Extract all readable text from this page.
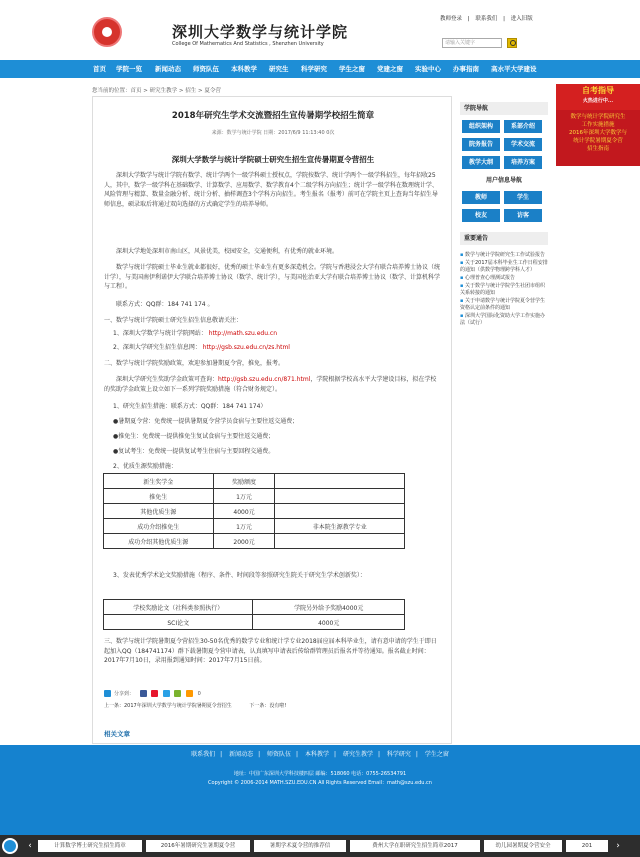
深圳大学数学与统计学院
College Of Mathematics And Statistics , Shenzhen University
教师登录 | 联系我们 | 进入旧版
请输入关键字
首页 学院一览 新闻动态 师资队伍 本科教学 研究生 科学研究 学生之窗 党建之窗 实验中心 办事指南 高水平大学建设
您当前的位置：首页 > 研究生教学 > 招生 > 夏令营
2018年研究生学术交流暨招生宣传暑期学校招生简章
来源：数学与统计学院 日期：2017/6/9 11:13:40 0次
深圳大学数学与统计学院硕士研究生招生宣传暑期夏令营招生
深圳大学数学与统计学院有数学、统计学两个一级学科硕士授权点，学院按数学、统计学两个一级学科招生，每年招收25人，其中，数学一级学科在基础数学、计算数学、应用数学、数学教育4个二级学科方向招生；统计学一级学科在数理统计学、风险管理与精算、数量金融分析、统计分析、抽样调查3个学科方向招生。考生报名（报考）前可在学院主页上查询当年招生导师信息，硕录取后将通过双向选择的方式确定学生的培养导师。
深圳大学地处深圳市南山区，风景优美，校园安全，交通便利，有优秀的就业环境。
数学与统计学院硕士毕业生就业都很好，优秀的硕士毕业生有更多深造机会。学院与香港浸会大学有联合培养博士协议（统计学），与美国南伊利诺伊大学联合培养博士协议（数学、统计学），与美国佐治亚大学有联合培养博士协议（数学、计算机科学与工程）。
联系方式：QQ群：184 741 174 。
一、数学与统计学院硕士研究生招生信息敬请关注：
1、深圳大学数学与统计学院网站： http://math.szu.edu.cn
2、深圳大学研究生招生信息网： http://gsb.szu.edu.cn/zs.html
二、数学与统计学院奖励政策，欢迎参加暑期夏令营，推免，报考。
深圳大学研究生奖助学金政策可查询：http://gsb.szu.edu.cn/871.html，学院根据学校高水平大学建设目标，拟在学校的奖助学金政策上设立如下一系列学院奖励措施（符合财务规定）。
1、研究生招生措施：联系方式：QQ群：184 741 174）
●暑期夏令营：免费统一提供暑期夏令营学员食宿与主要往返交通费；
●推免生：免费统一提供推免生复试食宿与主要往返交通费；
●复试考生：免费统一提供复试考生住宿与主要回程交通费。
2、优质生源奖励措施：
新生奖学金	奖励额度	
推免生	1万元	
其他优质生源	4000元	
成功介绍推免生	1万元	非本院生源教学专业
成功介绍其他优质生源	2000元	
3、发表优秀学术论文奖励措施（程序、条件、时间段等参照研究生院关于研究生学术创新奖）：
学校奖励论文（社科类参照执行）	学院另外给予奖励4000元
SCI论文	4000元
三、数学与统计学院暑期夏令营招生30-50名优秀的数学专业和统计学专业2018届应届本科毕业生，请有意申请的学生于即日起加入QQ（184741174）群下载暑期夏令营申请表，认真填写申请表后传给群管理员后报名并等待通知。报名截止时间：2017年7月10日，录用报到通知时间：2017年7月15日前。
分享到：	0
上一条：2017年深圳大学数学与统计学院暑期夏令营招生	下一条：没有啦!
相关文章
学院导航
组织架构	系部介绍
院务报告	学术交流
教学大纲	培养方案
用户信息导航
教师	学生
校友	访客
重要通告
▪ 数学与统计学院研究生工作试验报告
▪ 关于2017届本科毕业生工作日程安排的通知（供数学物理跨学科人才）
▪ 心理普查心理测试报告
▪ 关于数学与统计学院学生社团市组织关系转接的通知
▪ 关于申请数学与统计学院夏令营学生资格认定前条件的通知
▪ 深圳大学国际化资助大学工作实施办法（试行）
自考指导
火热进行中...
数学与统计学院研究生
工作实施措施
2016年深圳大学数学与
统计学院暑期夏令营
招生指南
联系我们 | 新闻动态 | 师资队伍 | 本科教学 | 研究生教学 | 科学研究 | 学生之窗
地址：中国广东深圳大学科技楼四层 邮编：518060 电话：0755-26534791
Copyright © 2006-2014 MATH.SZU.EDU.CN All Rights Reserved Email：math@szu.edu.cn
‹	计算数学博士研究生招生简章	2016年暑期研究生暑期夏令营	暑期学术夏令营的推荐信	费州大学在职研究生招生简章2017	幼儿园暑期夏令营安全	201	›
